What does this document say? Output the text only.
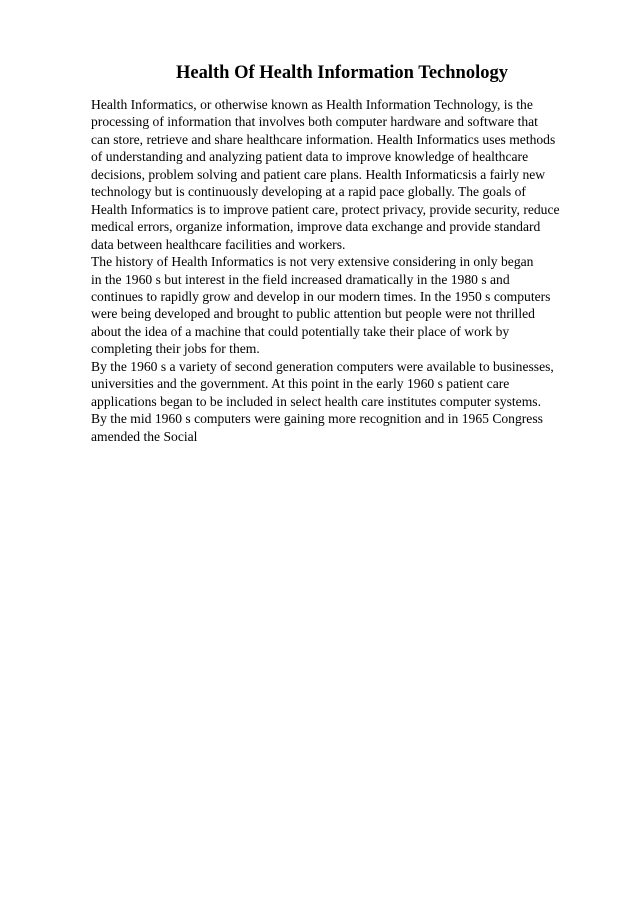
Health Of Health Information Technology
Health Informatics, or otherwise known as Health Information Technology, is the
processing of information that involves both computer hardware and software that
can store, retrieve and share healthcare information. Health Informatics uses methods
of understanding and analyzing patient data to improve knowledge of healthcare
decisions, problem solving and patient care plans. Health Informaticsis a fairly new
technology but is continuously developing at a rapid pace globally. The goals of
Health Informatics is to improve patient care, protect privacy, provide security, reduce
medical errors, organize information, improve data exchange and provide standard
data between healthcare facilities and workers.
The history of Health Informatics is not very extensive considering in only began
in the 1960 s but interest in the field increased dramatically in the 1980 s and
continues to rapidly grow and develop in our modern times. In the 1950 s computers
were being developed and brought to public attention but people were not thrilled
about the idea of a machine that could potentially take their place of work by
completing their jobs for them.
By the 1960 s a variety of second generation computers were available to businesses,
universities and the government. At this point in the early 1960 s patient care
applications began to be included in select health care institutes computer systems.
By the mid 1960 s computers were gaining more recognition and in 1965 Congress
amended the Social
